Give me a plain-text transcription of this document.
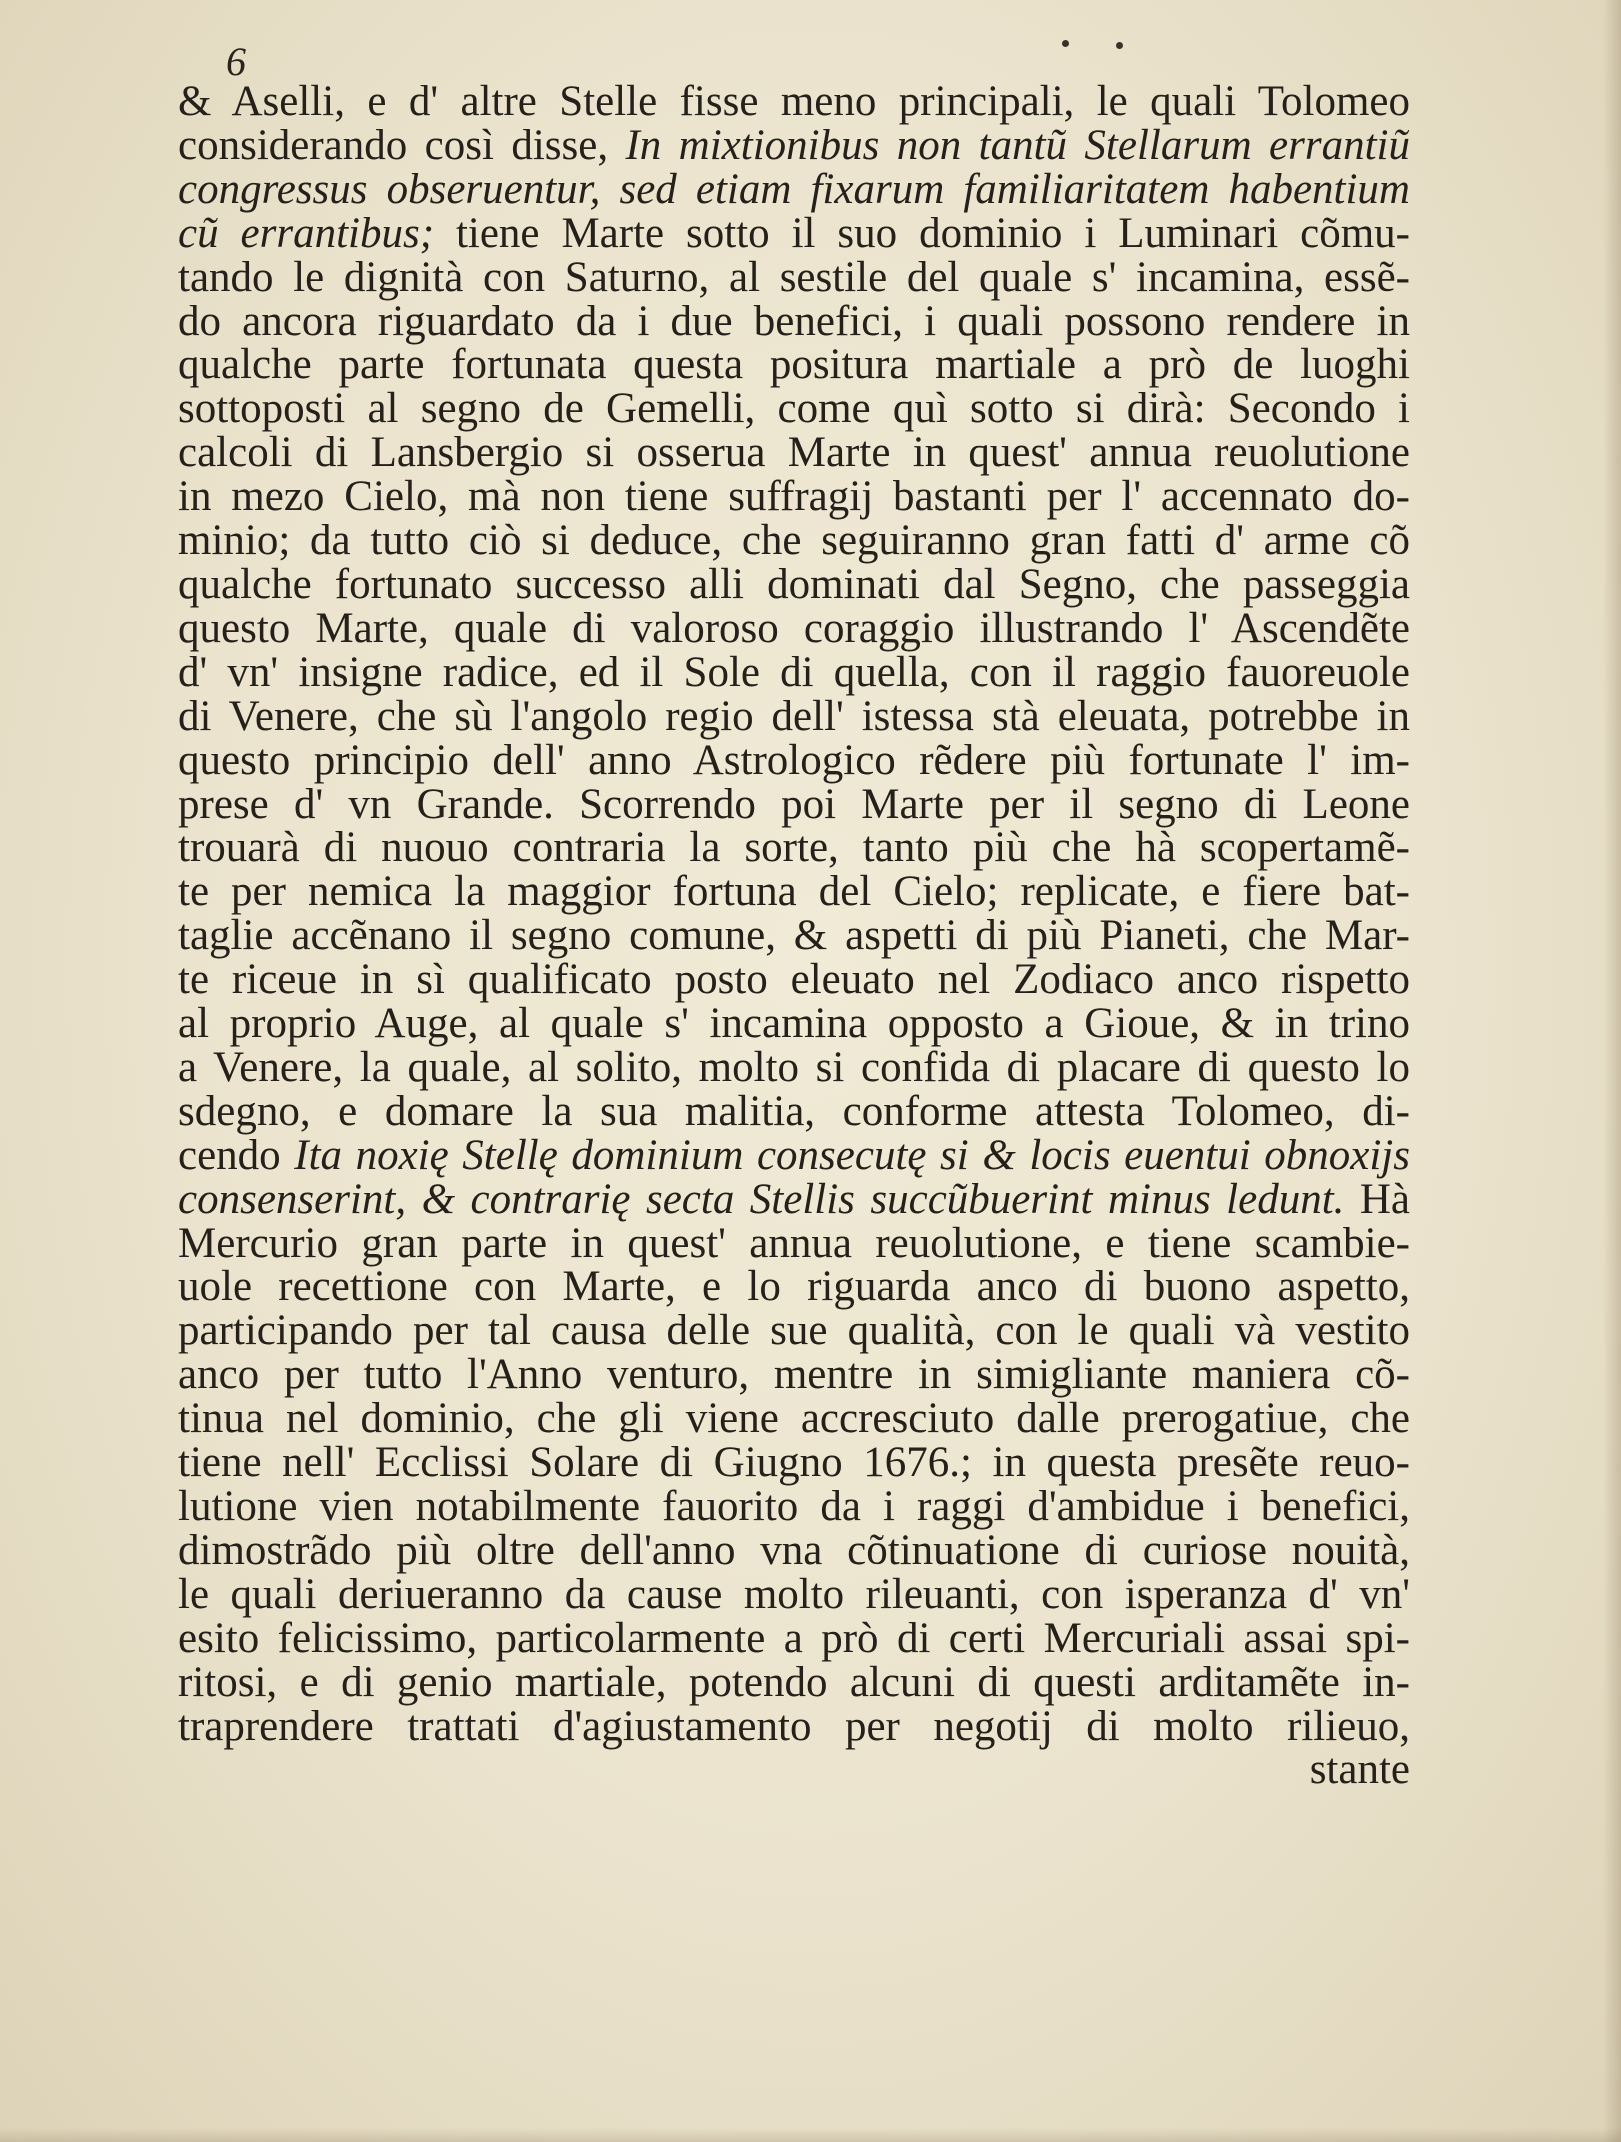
6
& Aselli, e d' altre Stelle fisse meno principali, le quali Tolomeo
considerando così disse, In mixtionibus non tantũ Stellarum errantiũ
congressus obseruentur, sed etiam fixarum familiaritatem habentium
cũ errantibus; tiene Marte sotto il suo dominio i Luminari cõmu-
tando le dignità con Saturno, al sestile del quale s' incamina, essẽ-
do ancora riguardato da i due benefici, i quali possono rendere in
qualche parte fortunata questa positura martiale a prò de luoghi
sottoposti al segno de Gemelli, come quì sotto si dirà: Secondo i
calcoli di Lansbergio si osserua Marte in quest' annua reuolutione
in mezo Cielo, mà non tiene suffragij bastanti per l' accennato do-
minio; da tutto ciò si deduce, che seguiranno gran fatti d' arme cõ
qualche fortunato successo alli dominati dal Segno, che passeggia
questo Marte, quale di valoroso coraggio illustrando l' Ascendẽte
d' vn' insigne radice, ed il Sole di quella, con il raggio fauoreuole
di Venere, che sù l'angolo regio dell' istessa stà eleuata, potrebbe in
questo principio dell' anno Astrologico rẽdere più fortunate l' im-
prese d' vn Grande. Scorrendo poi Marte per il segno di Leone
trouarà di nuouo contraria la sorte, tanto più che hà scopertamẽ-
te per nemica la maggior fortuna del Cielo; replicate, e fiere bat-
taglie accẽnano il segno comune, & aspetti di più Pianeti, che Mar-
te riceue in sì qualificato posto eleuato nel Zodiaco anco rispetto
al proprio Auge, al quale s' incamina opposto a Gioue, & in trino
a Venere, la quale, al solito, molto si confida di placare di questo lo
sdegno, e domare la sua malitia, conforme attesta Tolomeo, di-
cendo Ita noxię Stellę dominium consecutę si & locis euentui obnoxijs
consenserint, & contrarię secta Stellis succũbuerint minus ledunt. Hà
Mercurio gran parte in quest' annua reuolutione, e tiene scambie-
uole recettione con Marte, e lo riguarda anco di buono aspetto,
participando per tal causa delle sue qualità, con le quali và vestito
anco per tutto l'Anno venturo, mentre in simigliante maniera cõ-
tinua nel dominio, che gli viene accresciuto dalle prerogatiue, che
tiene nell' Ecclissi Solare di Giugno 1676.; in questa presẽte reuo-
lutione vien notabilmente fauorito da i raggi d'ambidue i benefici,
dimostrãdo più oltre dell'anno vna cõtinuatione di curiose nouità,
le quali deriueranno da cause molto rileuanti, con isperanza d' vn'
esito felicissimo, particolarmente a prò di certi Mercuriali assai spi-
ritosi, e di genio martiale, potendo alcuni di questi arditamẽte in-
traprendere trattati d'agiustamento per negotij di molto rilieuo,
stante
